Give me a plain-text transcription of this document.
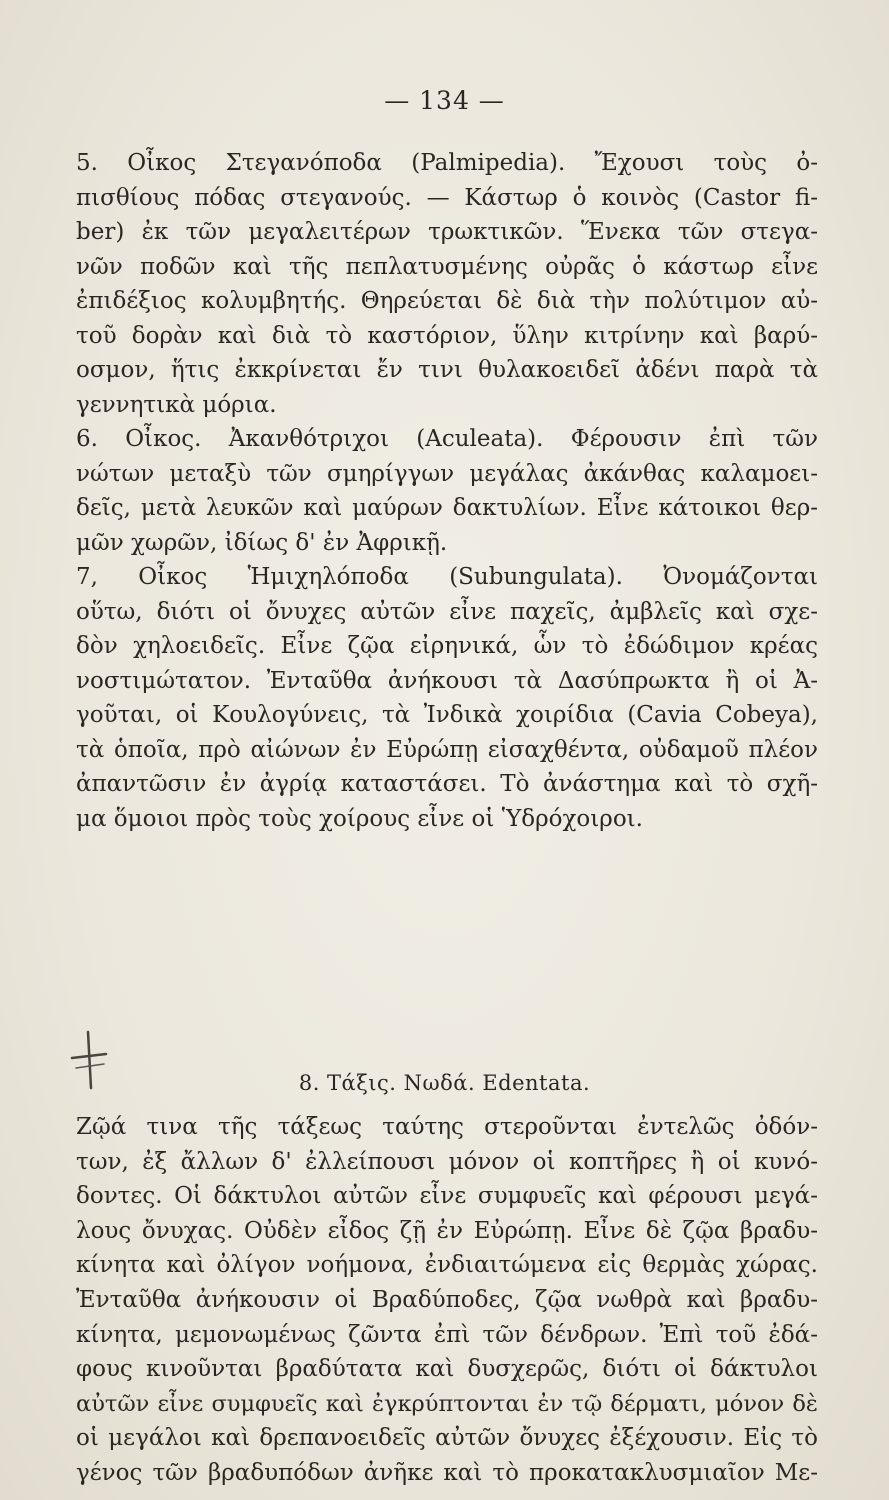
— 134 —
5. Οἶκος Στεγανόποδα (Palmipedia). Ἔχουσι τοὺς ὀ-
πισθίους πόδας στεγανούς. — Κάστωρ ὁ κοινὸς (Castor fi-
ber) ἐκ τῶν μεγαλειτέρων τρωκτικῶν. Ἕνεκα τῶν στεγα-
νῶν ποδῶν καὶ τῆς πεπλατυσμένης οὐρᾶς ὁ κάστωρ εἶνε
ἐπιδέξιος κολυμβητής. Θηρεύεται δὲ διὰ τὴν πολύτιμον αὐ-
τοῦ δορὰν καὶ διὰ τὸ καστόριον, ὕλην κιτρίνην καὶ βαρύ-
οσμον, ἥτις ἐκκρίνεται ἔν τινι θυλακοειδεῖ ἀδένι παρὰ τὰ
γεννητικὰ μόρια.
6. Οἶκος. Ἀκανθότριχοι (Aculeata). Φέρουσιν ἐπὶ τῶν
νώτων μεταξὺ τῶν σμηρίγγων μεγάλας ἀκάνθας καλαμοει-
δεῖς, μετὰ λευκῶν καὶ μαύρων δακτυλίων. Εἶνε κάτοικοι θερ-
μῶν χωρῶν, ἰδίως δ' ἐν Ἀφρικῇ.
7, Οἶκος Ἡμιχηλόποδα (Subungulata). Ὀνομάζονται
οὕτω, διότι οἱ ὄνυχες αὐτῶν εἶνε παχεῖς, ἀμβλεῖς καὶ σχε-
δὸν χηλοειδεῖς. Εἶνε ζῷα εἰρηνικά, ὧν τὸ ἐδώδιμον κρέας
νοστιμώτατον. Ἐνταῦθα ἀνήκουσι τὰ Δασύπρωκτα ἢ οἱ Ἀ-
γοῦται, οἱ Κουλογύνεις, τὰ Ἰνδικὰ χοιρίδια (Cavia Cobeya),
τὰ ὁποῖα, πρὸ αἰώνων ἐν Εὐρώπῃ εἰσαχθέντα, οὐδαμοῦ πλέον
ἀπαντῶσιν ἐν ἀγρίᾳ καταστάσει. Τὸ ἀνάστημα καὶ τὸ σχῆ-
μα ὅμοιοι πρὸς τοὺς χοίρους εἶνε οἱ Ὑδρόχοιροι.
8. Τάξις. Νωδά. Edentata.
Ζῷά τινα τῆς τάξεως ταύτης στεροῦνται ἐντελῶς ὀδόν-
των, ἐξ ἄλλων δ' ἐλλείπουσι μόνον οἱ κοπτῆρες ἢ οἱ κυνό-
δοντες. Οἱ δάκτυλοι αὐτῶν εἶνε συμφυεῖς καὶ φέρουσι μεγά-
λους ὄνυχας. Οὐδὲν εἶδος ζῇ ἐν Εὐρώπῃ. Εἶνε δὲ ζῷα βραδυ-
κίνητα καὶ ὀλίγον νοήμονα, ἐνδιαιτώμενα εἰς θερμὰς χώρας.
Ἐνταῦθα ἀνήκουσιν οἱ Βραδύποδες, ζῷα νωθρὰ καὶ βραδυ-
κίνητα, μεμονωμένως ζῶντα ἐπὶ τῶν δένδρων. Ἐπὶ τοῦ ἐδά-
φους κινοῦνται βραδύτατα καὶ δυσχερῶς, διότι οἱ δάκτυλοι
αὐτῶν εἶνε συμφυεῖς καὶ ἐγκρύπτονται ἐν τῷ δέρματι, μόνον δὲ
οἱ μεγάλοι καὶ δρεπανοειδεῖς αὐτῶν ὄνυχες ἐξέχουσιν. Εἰς τὸ
γένος τῶν βραδυπόδων ἀνῆκε καὶ τὸ προκατακλυσμιαῖον Με-
